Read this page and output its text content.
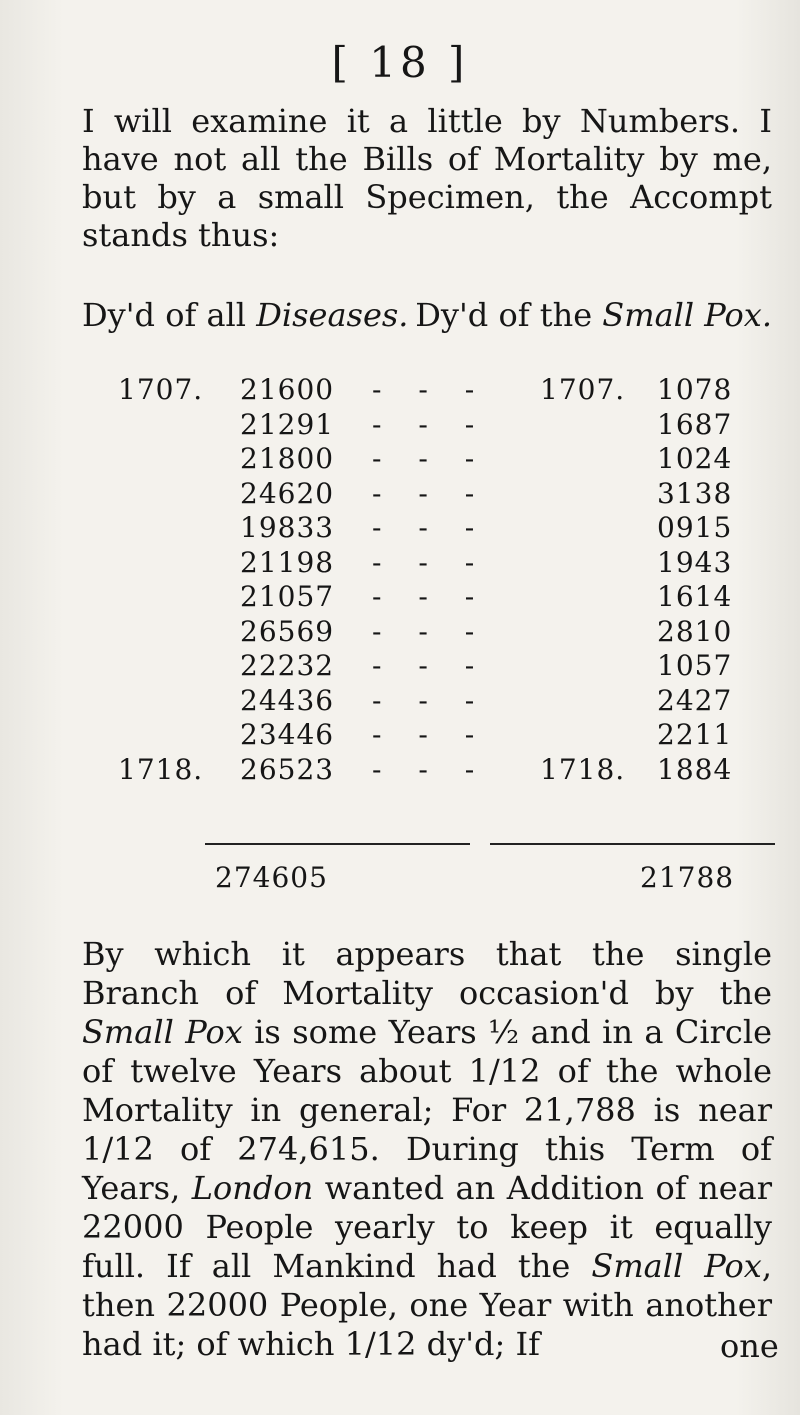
[ 18 ]
I will examine it a little by Numbers. I have not all the Bills of Mortality by me, but by a small Specimen, the Accompt stands thus:
Dy'd of all Diseases. Dy'd of the Small Pox.
1707. 21600 - - -	1707. 1078
21291 - - -	1687
21800 - - -	1024
24620 - - -	3138
19833 - - -	0915
21198 - - -	1943
21057 - - -	1614
26569 - - -	2810
22232 - - -	1057
24436 - - -	2427
23446 - - -	2211
1718. 26523 - - -	1718. 1884
274605	21788
By which it appears that the single Branch of Mortality occasion'd by the Small Pox is some Years ½ and in a Circle of twelve Years about 1/12 of the whole Mortality in general; For 21,788 is near 1/12 of 274,615. During this Term of Years, London wanted an Addition of near 22000 People yearly to keep it equally full. If all Mankind had the Small Pox, then 22000 People, one Year with another had it; of which 1/12 dy'd; If	one
